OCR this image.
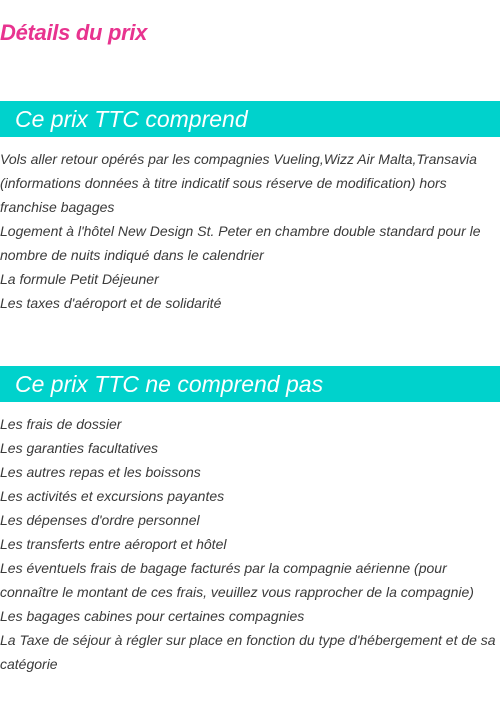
Détails du prix
Ce prix TTC comprend
Vols aller retour opérés par les compagnies Vueling,Wizz Air Malta,Transavia (informations données à titre indicatif sous réserve de modification) hors franchise bagages
Logement à l'hôtel New Design St. Peter en chambre double standard pour le nombre de nuits indiqué dans le calendrier
La formule Petit Déjeuner
Les taxes d'aéroport et de solidarité
Ce prix TTC ne comprend pas
Les frais de dossier
Les garanties facultatives
Les autres repas et les boissons
Les activités et excursions payantes
Les dépenses d'ordre personnel
Les transferts entre aéroport et hôtel
Les éventuels frais de bagage facturés par la compagnie aérienne (pour connaître le montant de ces frais, veuillez vous rapprocher de la compagnie)
Les bagages cabines pour certaines compagnies
La Taxe de séjour à régler sur place en fonction du type d'hébergement et de sa catégorie
